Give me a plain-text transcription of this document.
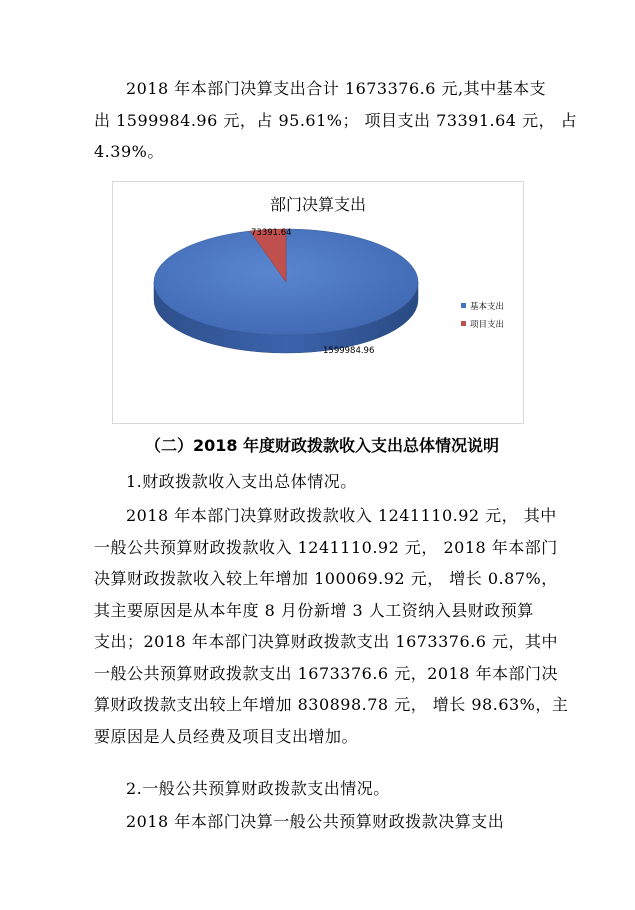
2018 年本部门决算支出合计 1673376.6 元,其中基本支
出 1599984.96 元，占 95.61%； 项目支出 73391.64 元， 占
4.39%。
部门决算支出
1599984.96
73391.64
基本支出
项目支出
（二）2018 年度财政拨款收入支出总体情况说明
1.财政拨款收入支出总体情况。
2018 年本部门决算财政拨款收入 1241110.92 元， 其中
一般公共预算财政拨款收入 1241110.92 元， 2018 年本部门
决算财政拨款收入较上年增加 100069.92 元， 增长 0.87%，
其主要原因是从本年度 8 月份新增 3 人工资纳入县财政预算
支出；2018 年本部门决算财政拨款支出 1673376.6 元，其中
一般公共预算财政拨款支出 1673376.6 元，2018 年本部门决
算财政拨款支出较上年增加 830898.78 元， 增长 98.63%，主
要原因是人员经费及项目支出增加。
2.一般公共预算财政拨款支出情况。
2018 年本部门决算一般公共预算财政拨款决算支出
